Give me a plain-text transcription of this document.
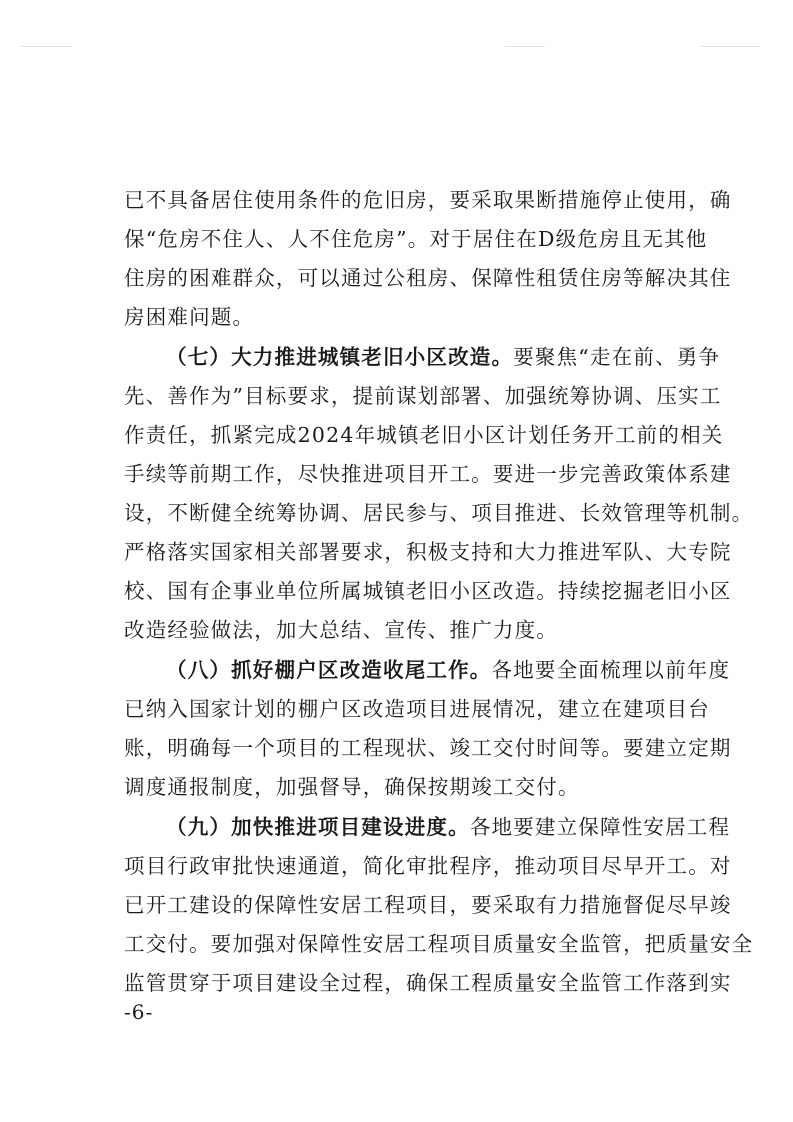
已不具备居住使用条件的危旧房，要采取果断措施停止使用，确
保“危房不住人、人不住危房”。对于居住在D级危房且无其他
住房的困难群众，可以通过公租房、保障性租赁住房等解决其住
房困难问题。
（七）大力推进城镇老旧小区改造。要聚焦“走在前、勇争
先、善作为”目标要求，提前谋划部署、加强统筹协调、压实工
作责任，抓紧完成2024年城镇老旧小区计划任务开工前的相关
手续等前期工作，尽快推进项目开工。要进一步完善政策体系建
设，不断健全统筹协调、居民参与、项目推进、长效管理等机制。
严格落实国家相关部署要求，积极支持和大力推进军队、大专院
校、国有企事业单位所属城镇老旧小区改造。持续挖掘老旧小区
改造经验做法，加大总结、宣传、推广力度。
（八）抓好棚户区改造收尾工作。各地要全面梳理以前年度
已纳入国家计划的棚户区改造项目进展情况，建立在建项目台
账，明确每一个项目的工程现状、竣工交付时间等。要建立定期
调度通报制度，加强督导，确保按期竣工交付。
（九）加快推进项目建设进度。各地要建立保障性安居工程
项目行政审批快速通道，简化审批程序，推动项目尽早开工。对
已开工建设的保障性安居工程项目，要采取有力措施督促尽早竣
工交付。要加强对保障性安居工程项目质量安全监管，把质量安全
监管贯穿于项目建设全过程，确保工程质量安全监管工作落到实
-6-
